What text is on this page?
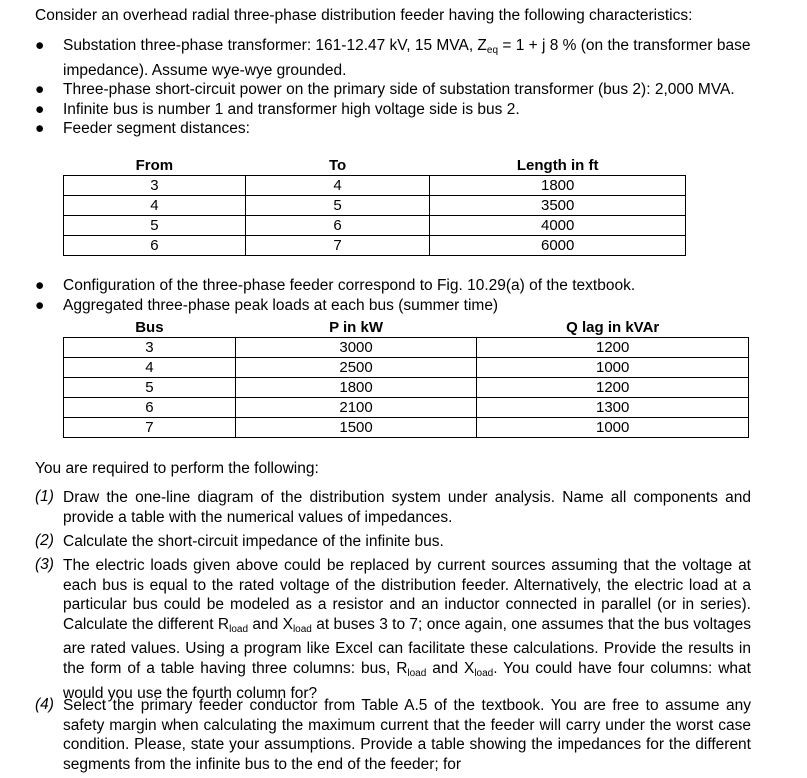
Consider an overhead radial three-phase distribution feeder having the following characteristics:
● Substation three-phase transformer: 161-12.47 kV, 15 MVA, $Z_{eq} = 1 + j$ 8 % (on the transformer base impedance). Assume wye-wye grounded.
● Three-phase short-circuit power on the primary side of substation transformer (bus 2): 2,000 MVA.
● Infinite bus is number 1 and transformer high voltage side is bus 2.
● Feeder segment distances:
From	To	Length in ft
3	4	1800
4	5	3500
5	6	4000
6	7	6000
● Configuration of the three-phase feeder correspond to Fig. 10.29(a) of the textbook.
● Aggregated three-phase peak loads at each bus (summer time)
Bus	P in kW	Q lag in kVAr
3	3000	1200
4	2500	1000
5	1800	1200
6	2100	1300
7	1500	1000
You are required to perform the following:
(1) Draw the one-line diagram of the distribution system under analysis. Name all components and provide a table with the numerical values of impedances.
(2) Calculate the short-circuit impedance of the infinite bus.
(3) The electric loads given above could be replaced by current sources assuming that the voltage at each bus is equal to the rated voltage of the distribution feeder. Alternatively, the electric load at a particular bus could be modeled as a resistor and an inductor connected in parallel (or in series). Calculate the different $R_{load}$ and $X_{load}$ at buses 3 to 7; once again, one assumes that the bus voltages are rated values. Using a program like Excel can facilitate these calculations. Provide the results in the form of a table having three columns: bus, $R_{load}$ and $X_{load}$. You could have four columns: what would you use the fourth column for?
(4) Select the primary feeder conductor from Table A.5 of the textbook. You are free to assume any safety margin when calculating the maximum current that the feeder will carry under the worst case condition. Please, state your assumptions. Provide a table showing the impedances for the different segments from the infinite bus to the end of the feeder; for
